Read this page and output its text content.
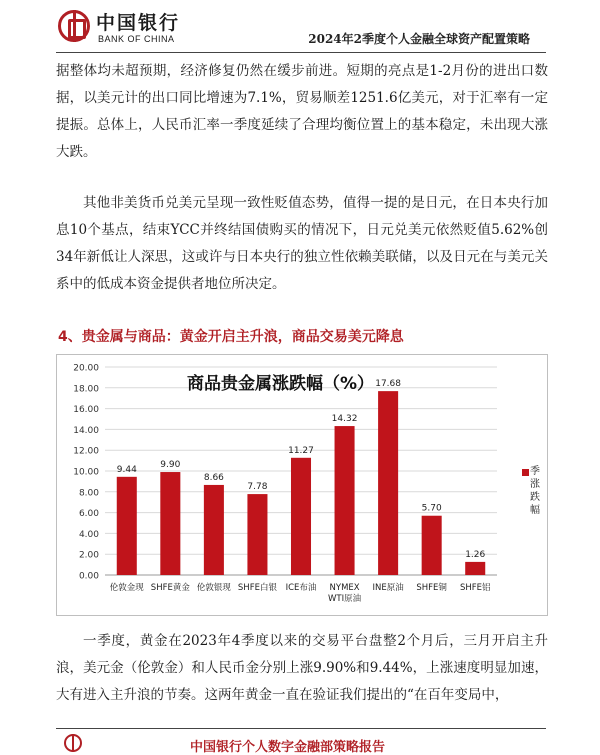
中国银行
BANK OF CHINA	2024年2季度个人金融全球资产配置策略

据整体均未超预期，经济修复仍然在缓步前进。短期的亮点是1-2月份的进出口数据，以美元计的出口同比增速为7.1%，贸易顺差1251.6亿美元，对于汇率有一定提振。总体上，人民币汇率一季度延续了合理均衡位置上的基本稳定，未出现大涨大跌。

其他非美货币兑美元呈现一致性贬值态势，值得一提的是日元，在日本央行加息10个基点，结束YCC并终结国债购买的情况下，日元兑美元依然贬值5.62%创34年新低让人深思，这或许与日本央行的独立性依赖美联储，以及日元在与美元关系中的低成本资金提供者地位所决定。

4、贵金属与商品：黄金开启主升浪，商品交易美元降息
0.00
2.00
4.00
6.00
8.00
10.00
12.00
14.00
16.00
18.00
20.00
9.44
伦敦金现
9.90
SHFE黄金
8.66
伦敦银现
7.78
SHFE白银
11.27
ICE布油
14.32
NYMEX
WTI原油
17.68
INE原油
5.70
SHFE铜
1.26
SHFE铝
商品贵金属涨跌幅（%）
季涨跌幅

一季度，黄金在2023年4季度以来的交易平台盘整2个月后，三月开启主升浪，美元金（伦敦金）和人民币金分别上涨9.90%和9.44%，上涨速度明显加速，大有进入主升浪的节奏。这两年黄金一直在验证我们提出的“在百年变局中，

中国银行个人数字金融部策略报告
